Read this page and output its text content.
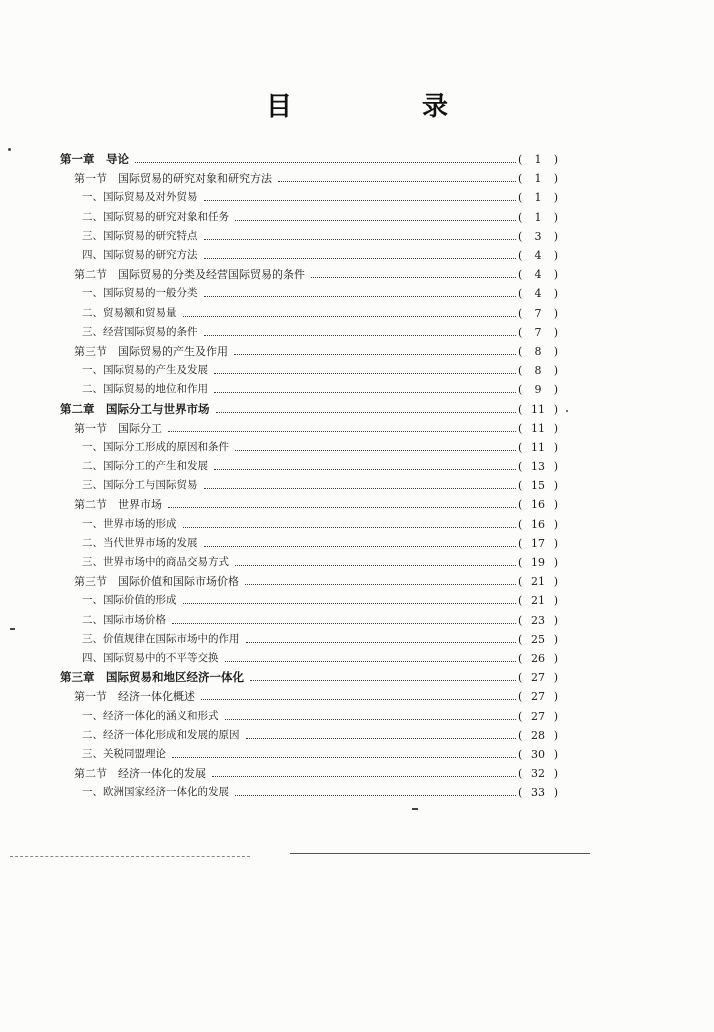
目　录
第一章　导论	( 1 )
第一节　国际贸易的研究对象和研究方法	( 1 )
一、国际贸易及对外贸易	( 1 )
二、国际贸易的研究对象和任务	( 1 )
三、国际贸易的研究特点	( 3 )
四、国际贸易的研究方法	( 4 )
第二节　国际贸易的分类及经营国际贸易的条件	( 4 )
一、国际贸易的一般分类	( 4 )
二、贸易额和贸易量	( 7 )
三、经营国际贸易的条件	( 7 )
第三节　国际贸易的产生及作用	( 8 )
一、国际贸易的产生及发展	( 8 )
二、国际贸易的地位和作用	( 9 )
第二章　国际分工与世界市场	( 11 )
第一节　国际分工	( 11 )
一、国际分工形成的原因和条件	( 11 )
二、国际分工的产生和发展	( 13 )
三、国际分工与国际贸易	( 15 )
第二节　世界市场	( 16 )
一、世界市场的形成	( 16 )
二、当代世界市场的发展	( 17 )
三、世界市场中的商品交易方式	( 19 )
第三节　国际价值和国际市场价格	( 21 )
一、国际价值的形成	( 21 )
二、国际市场价格	( 23 )
三、价值规律在国际市场中的作用	( 25 )
四、国际贸易中的不平等交换	( 26 )
第三章　国际贸易和地区经济一体化	( 27 )
第一节　经济一体化概述	( 27 )
一、经济一体化的涵义和形式	( 27 )
二、经济一体化形成和发展的原因	( 28 )
三、关税同盟理论	( 30 )
第二节　经济一体化的发展	( 32 )
一、欧洲国家经济一体化的发展	( 33 )
